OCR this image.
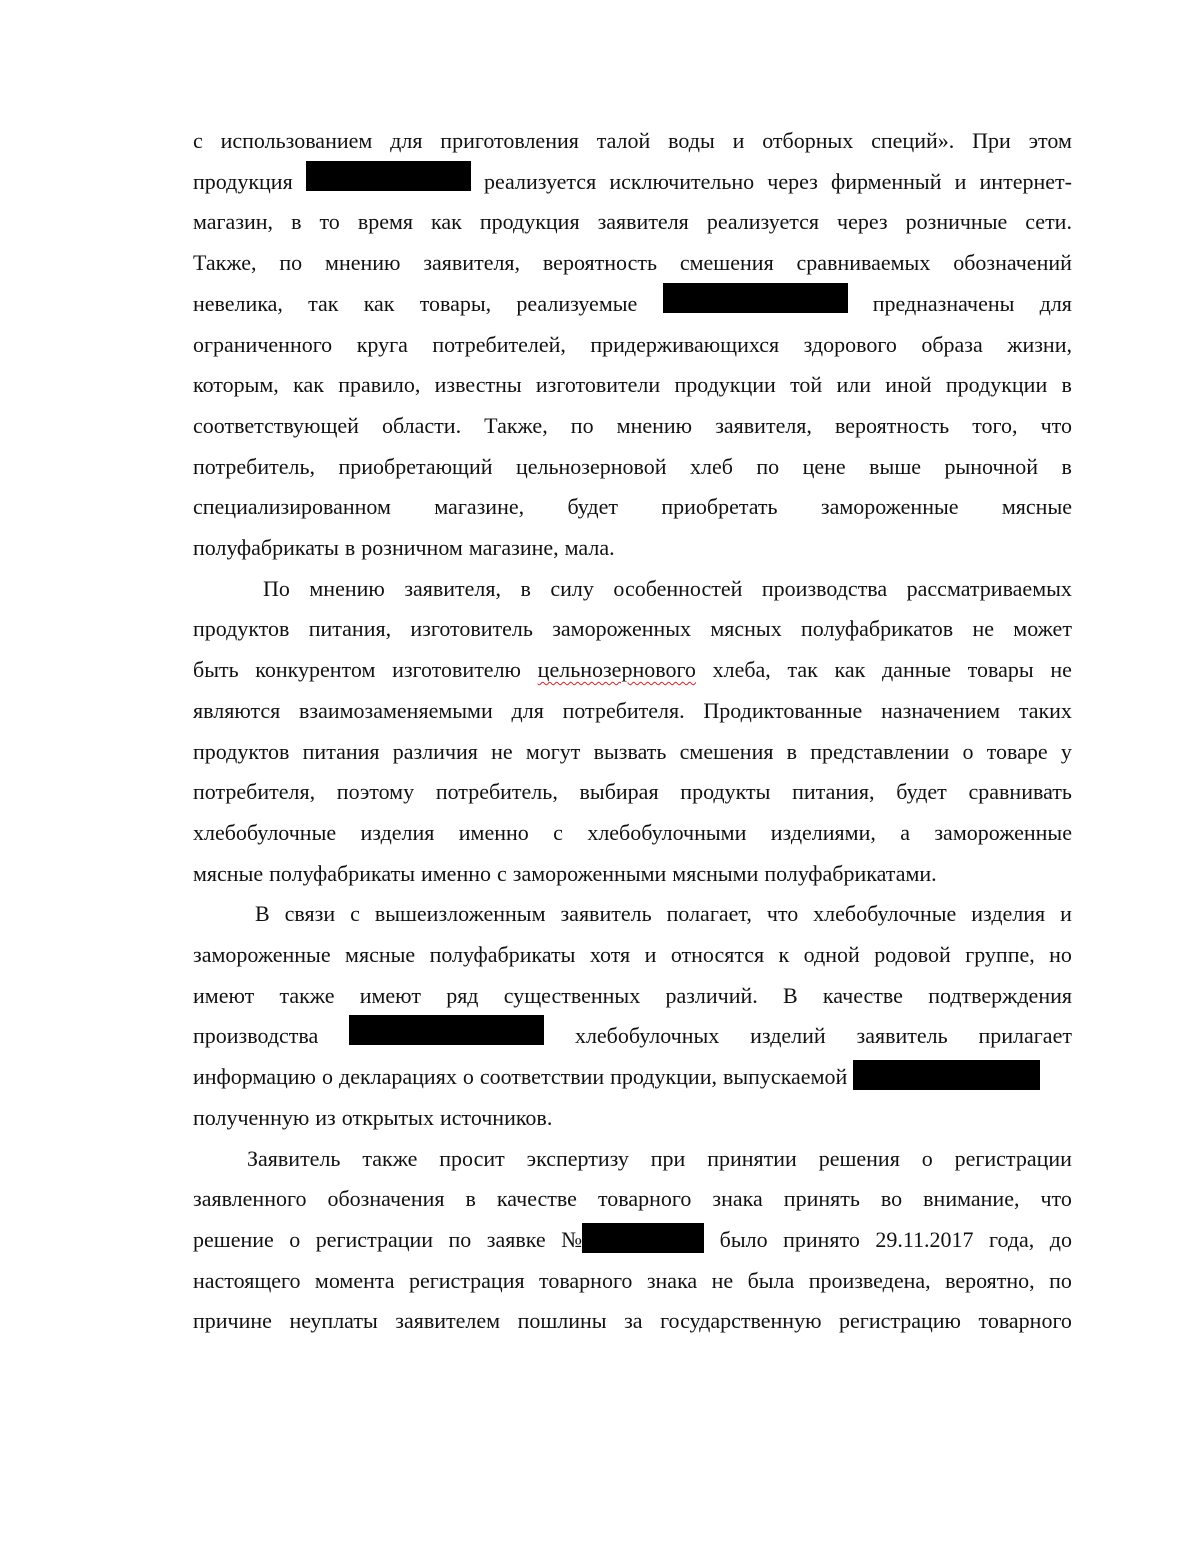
с использованием для приготовления талой воды и отборных специй». При этом
продукция	реализуется исключительно через фирменный и интернет-
магазин, в то время как продукция заявителя реализуется через розничные сети.
Также, по мнению заявителя, вероятность смешения сравниваемых обозначений
невелика, так как товары, реализуемые	предназначены для
ограниченного круга потребителей, придерживающихся здорового образа жизни,
которым, как правило, известны изготовители продукции той или иной продукции в
соответствующей области. Также, по мнению заявителя, вероятность того, что
потребитель, приобретающий цельнозерновой хлеб по цене выше рыночной в
специализированном магазине, будет приобретать замороженные мясные
полуфабрикаты в розничном магазине, мала.
По мнению заявителя, в силу особенностей производства рассматриваемых
продуктов питания, изготовитель замороженных мясных полуфабрикатов не может
быть конкурентом изготовителю цельнозернового хлеба, так как данные товары не
являются взаимозаменяемыми для потребителя. Продиктованные назначением таких
продуктов питания различия не могут вызвать смешения в представлении о товаре у
потребителя, поэтому потребитель, выбирая продукты питания, будет сравнивать
хлебобулочные изделия именно с хлебобулочными изделиями, а замороженные
мясные полуфабрикаты именно с замороженными мясными полуфабрикатами.
В связи с вышеизложенным заявитель полагает, что хлебобулочные изделия и
замороженные мясные полуфабрикаты хотя и относятся к одной родовой группе, но
имеют также имеют ряд существенных различий. В качестве подтверждения
производства	хлебобулочных изделий заявитель прилагает
информацию о декларациях о соответствии продукции, выпускаемой
полученную из открытых источников.
Заявитель также просит экспертизу при принятии решения о регистрации
заявленного обозначения в качестве товарного знака принять во внимание, что
решение о регистрации по заявке №	было принято 29.11.2017 года, до
настоящего момента регистрация товарного знака не была произведена, вероятно, по
причине неуплаты заявителем пошлины за государственную регистрацию товарного
